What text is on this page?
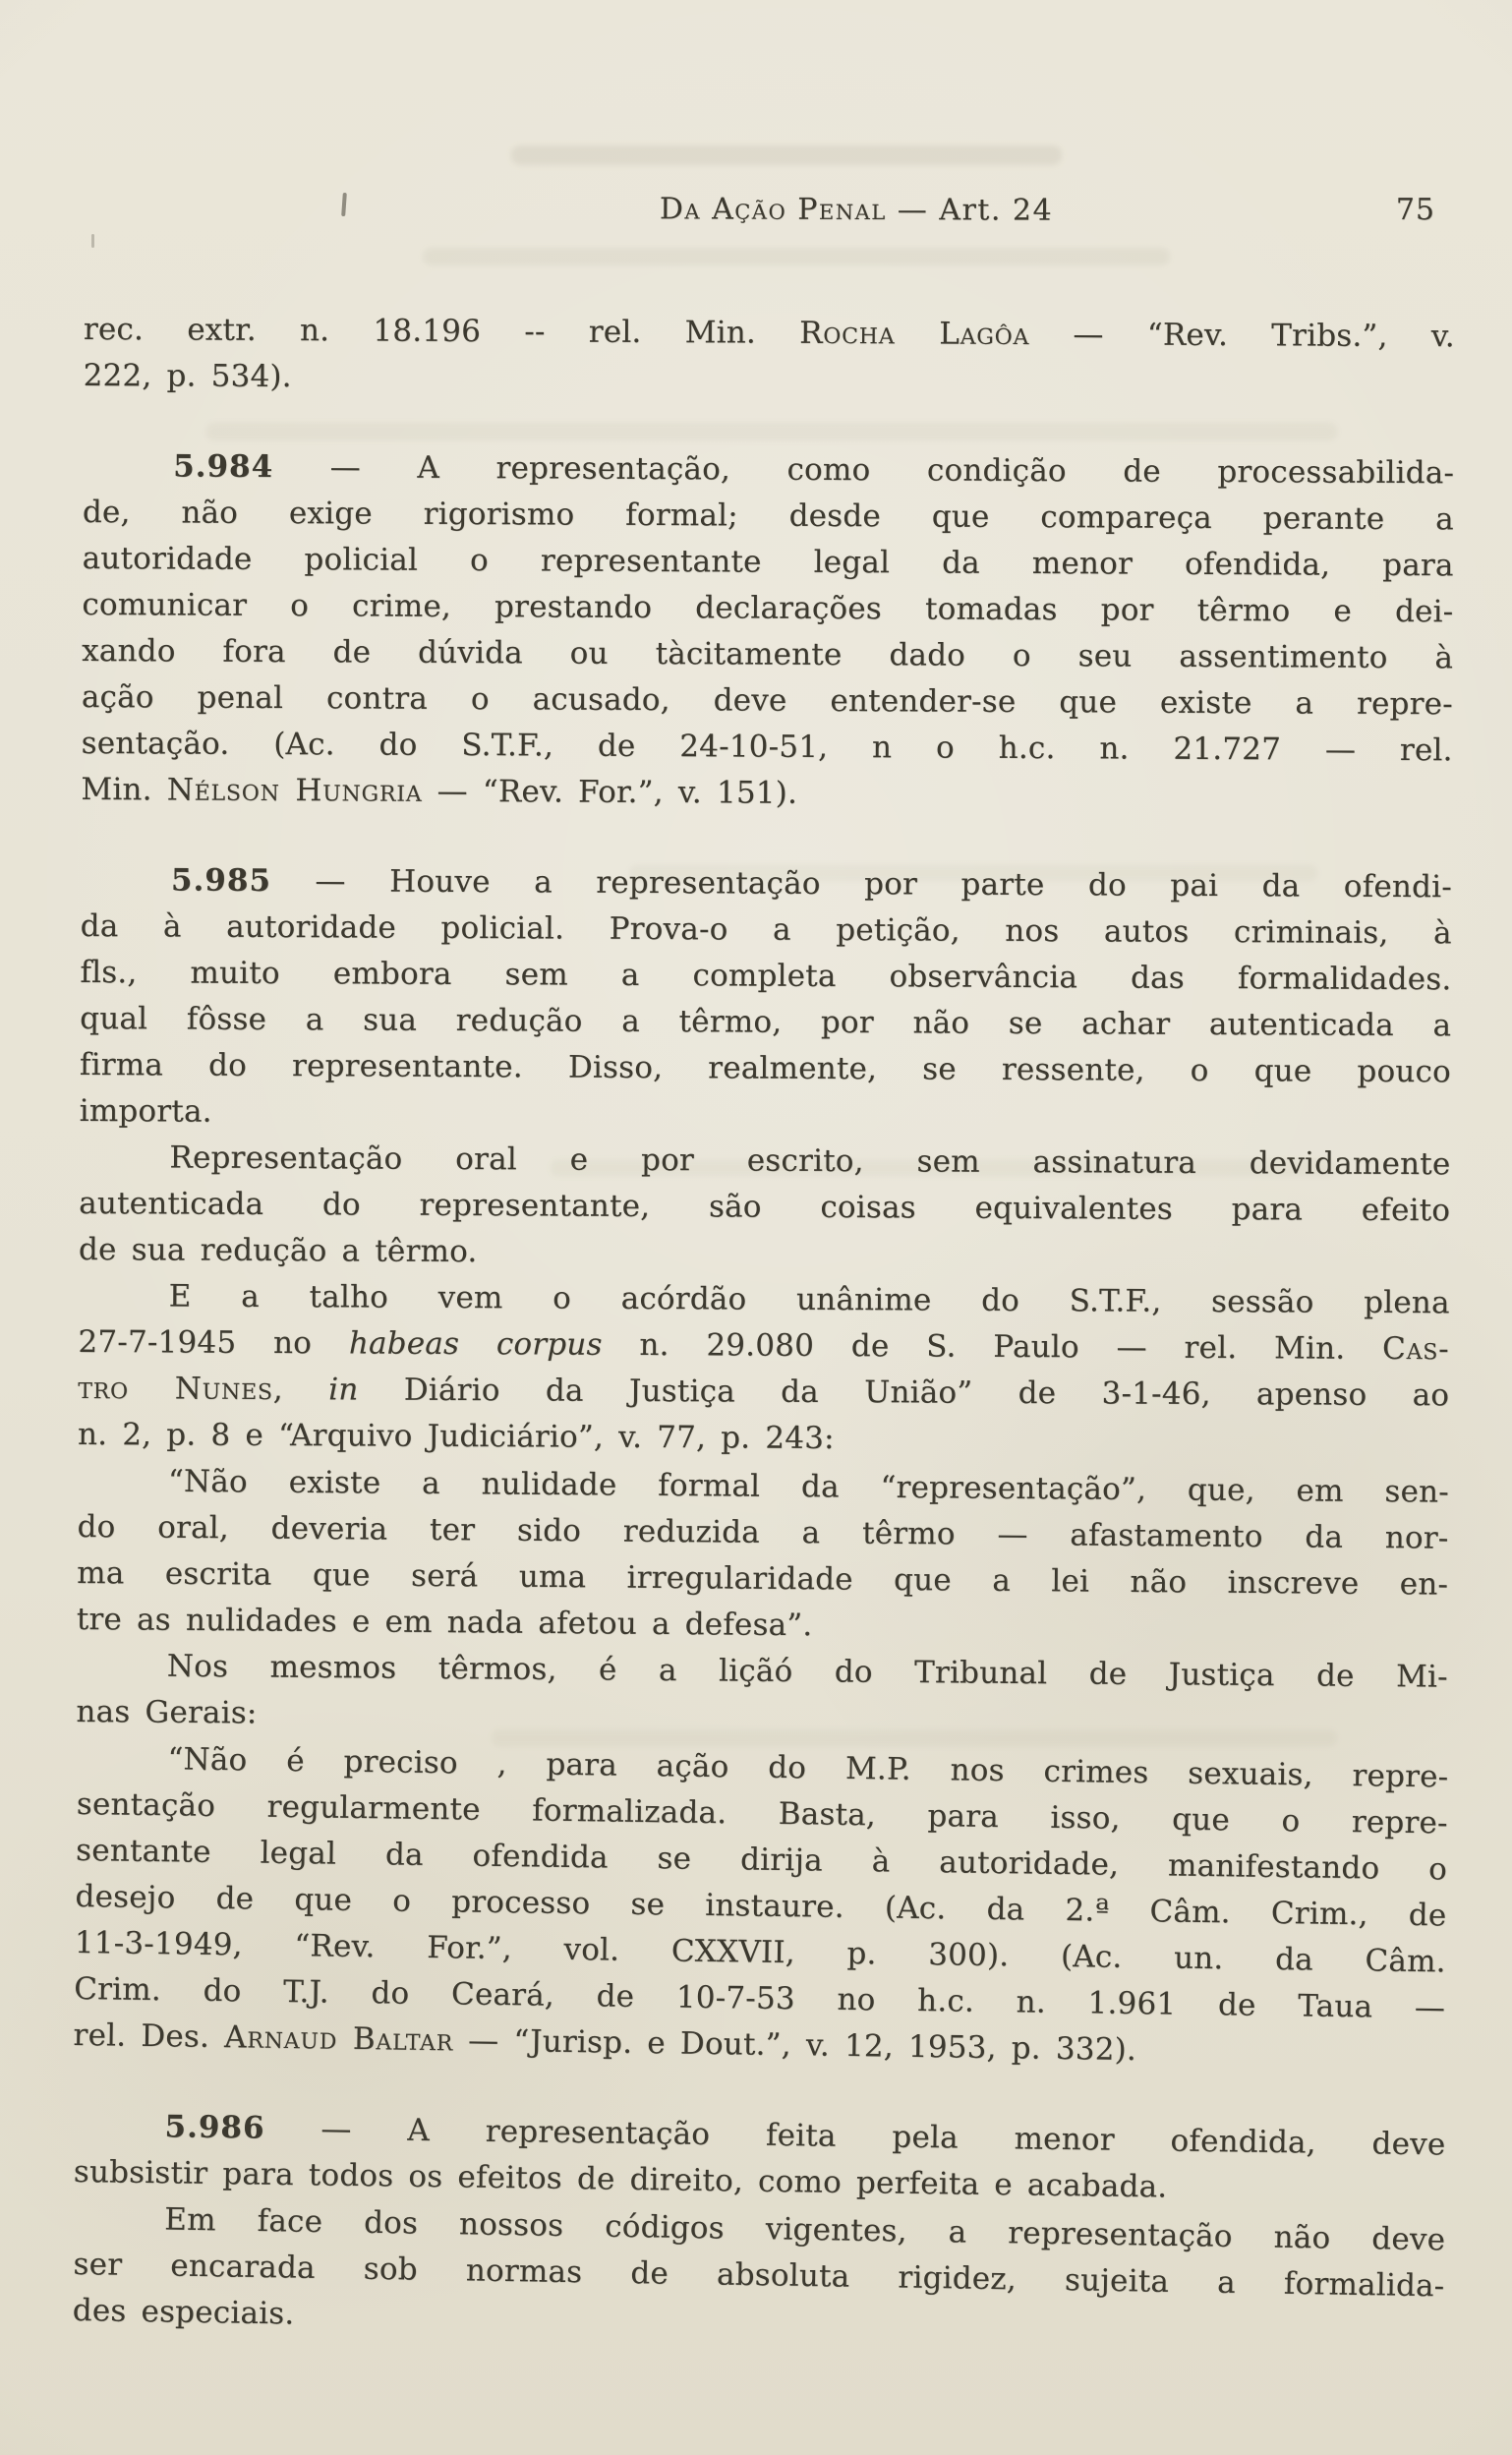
Da Ação Penal — Art. 24	75
rec. extr. n. 18.196 -- rel. Min. Rocha Lagôa — “Rev. Tribs.”, v.
222, p. 534).
5.984 — A representação, como condição de processabilida-
de, não exige rigorismo formal; desde que compareça perante a
autoridade policial o representante legal da menor ofendida, para
comunicar o crime, prestando declarações tomadas por têrmo e dei-
xando fora de dúvida ou tàcitamente dado o seu assentimento à
ação penal contra o acusado, deve entender-se que existe a repre-
sentação. (Ac. do S.T.F., de 24-10-51, n o h.c. n. 21.727 — rel.
Min. Nélson Hungria — “Rev. For.”, v. 151).
5.985 — Houve a representação por parte do pai da ofendi-
da à autoridade policial. Prova-o a petição, nos autos criminais, à
fls., muito embora sem a completa observância das formalidades.
qual fôsse a sua redução a têrmo, por não se achar autenticada a
firma do representante. Disso, realmente, se ressente, o que pouco
importa.
Representação oral e por escrito, sem assinatura devidamente
autenticada do representante, são coisas equivalentes para efeito
de sua redução a têrmo.
E a talho vem o acórdão unânime do S.T.F., sessão plena
27-7-1945 no habeas corpus n. 29.080 de S. Paulo — rel. Min. Cas-
tro Nunes, in Diário da Justiça da União” de 3-1-46, apenso ao
n. 2, p. 8 e “Arquivo Judiciário”, v. 77, p. 243:
“Não existe a nulidade formal da “representação”, que, em sen-
do oral, deveria ter sido reduzida a têrmo — afastamento da nor-
ma escrita que será uma irregularidade que a lei não inscreve en-
tre as nulidades e em nada afetou a defesa”.
Nos mesmos têrmos, é a liçãó do Tribunal de Justiça de Mi-
nas Gerais:
“Não é preciso , para ação do M.P. nos crimes sexuais, repre-
sentação regularmente formalizada. Basta, para isso, que o repre-
sentante legal da ofendida se dirija à autoridade, manifestando o
desejo de que o processo se instaure. (Ac. da 2.ª Câm. Crim., de
11-3-1949, “Rev. For.”, vol. CXXVII, p. 300). (Ac. un. da Câm.
Crim. do T.J. do Ceará, de 10-7-53 no h.c. n. 1.961 de Taua —
rel. Des. Arnaud Baltar — “Jurisp. e Dout.”, v. 12, 1953, p. 332).
5.986 — A representação feita pela menor ofendida, deve
subsistir para todos os efeitos de direito, como perfeita e acabada.
Em face dos nossos códigos vigentes, a representação não deve
ser encarada sob normas de absoluta rigidez, sujeita a formalida-
des especiais.
